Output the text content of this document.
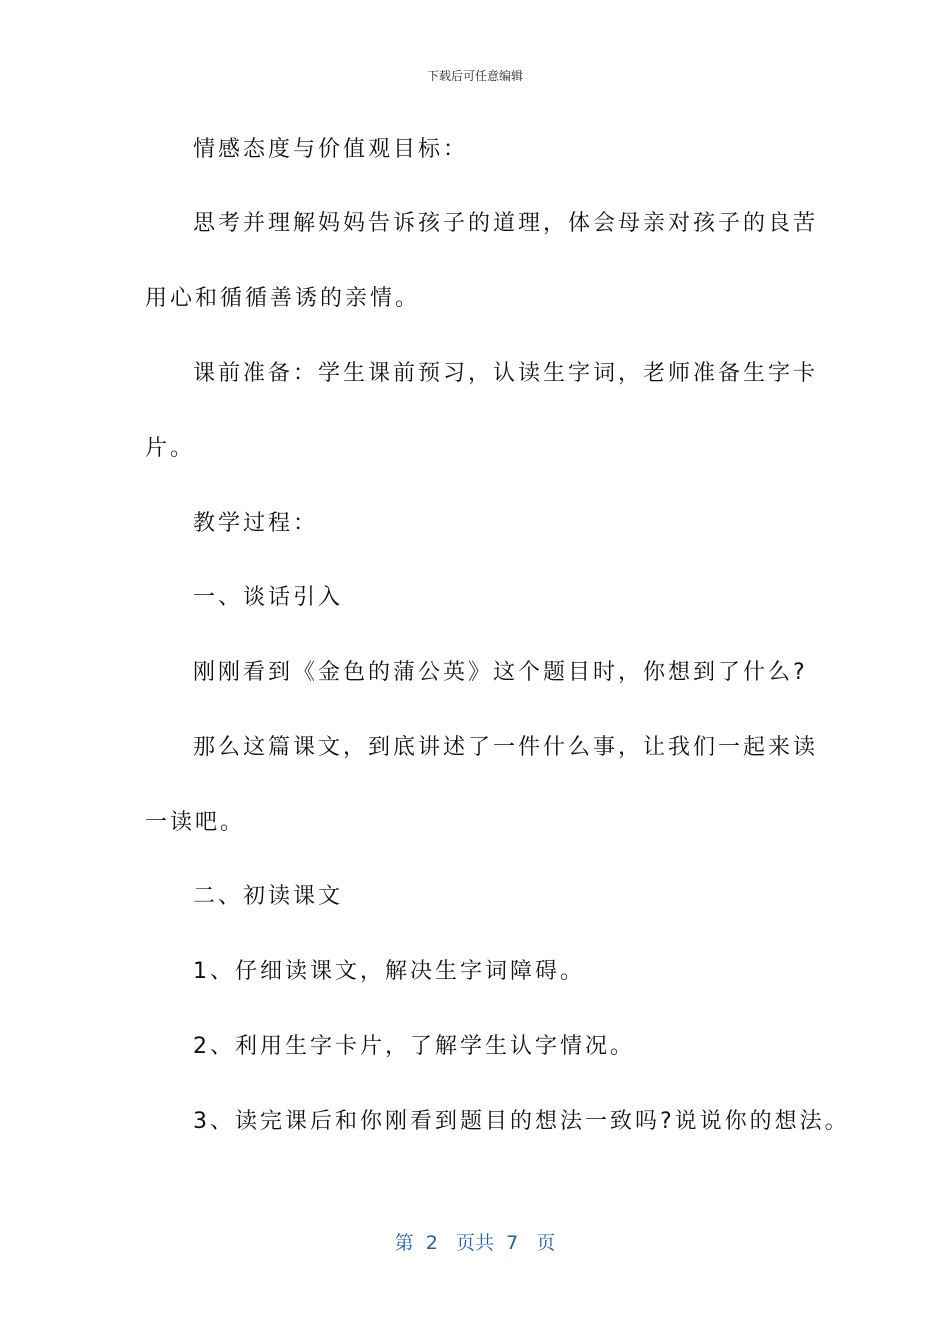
下载后可任意编辑
情感态度与价值观目标：
思考并理解妈妈告诉孩子的道理，体会母亲对孩子的良苦
用心和循循善诱的亲情。
课前准备：学生课前预习，认读生字词，老师准备生字卡
片。
教学过程：
一、谈话引入
刚刚看到《金色的蒲公英》这个题目时，你想到了什么?
那么这篇课文，到底讲述了一件什么事，让我们一起来读
一读吧。
二、初读课文
1、仔细读课文，解决生字词障碍。
2、利用生字卡片，了解学生认字情况。
3、读完课后和你刚看到题目的想法一致吗?说说你的想法。
第 2 页共 7 页
